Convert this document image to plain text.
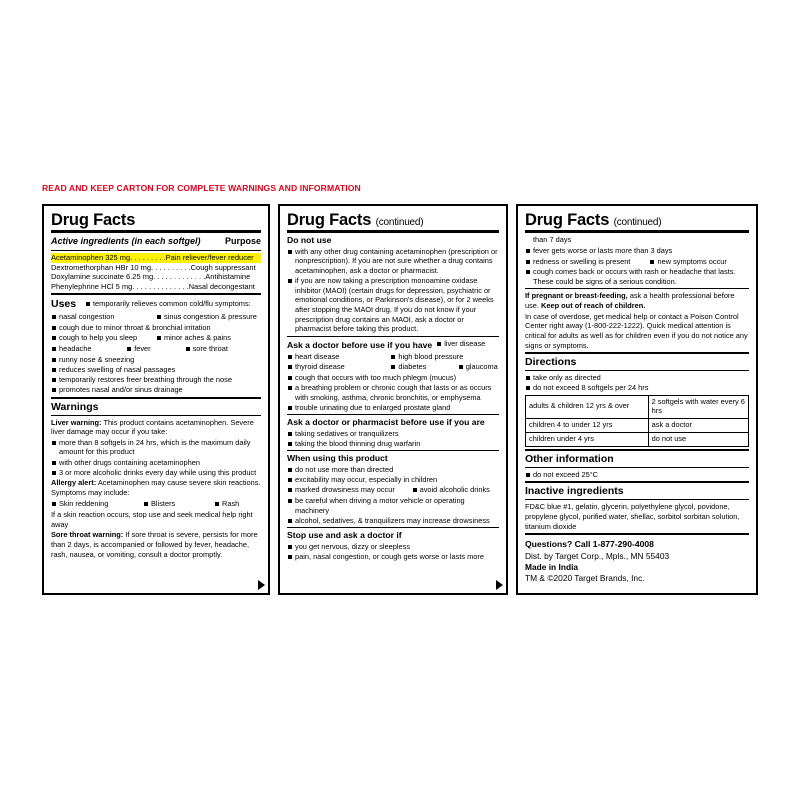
READ AND KEEP CARTON FOR COMPLETE WARNINGS AND INFORMATION
Drug Facts
Active ingredients (in each softgel)	Purpose
Acetaminophen 325 mg. . . . . . . . .Pain reliever/fever reducer
Dextromethorphan HBr 10 mg. . . . . . . . . .Cough suppressant
Doxylamine succinate 6.25 mg. . . . . . . . . . . . .Antihistamine
Phenylephrine HCl 5 mg. . . . . . . . . . . . . .Nasal decongestant
Uses	temporarily relieves common cold/flu symptoms:
nasal congestion	sinus congestion & pressure
cough due to minor throat & bronchial irritation
cough to help you sleep	minor aches & pains
headache	fever	sore throat
runny nose & sneezing
reduces swelling of nasal passages
temporarily restores freer breathing through the nose
promotes nasal and/or sinus drainage
Warnings
Liver warning: This product contains acetaminophen. Severe liver damage may occur if you take:
more than 8 softgels in 24 hrs, which is the maximum daily amount for this product
with other drugs containing acetaminophen
3 or more alcoholic drinks every day while using this product
Allergy alert: Acetaminophen may cause severe skin reactions. Symptoms may include:
Skin reddening	Blisters	Rash
If a skin reaction occurs, stop use and seek medical help right away
Sore throat warning: If sore throat is severe, persists for more than 2 days, is accompanied or followed by fever, headache, rash, nausea, or vomiting, consult a doctor promptly.
Drug Facts (continued)
Do not use
with any other drug containing acetaminophen (prescription or nonprescription). If you are not sure whether a drug contains acetaminophen, ask a doctor or pharmacist.
if you are now taking a prescription monoamine oxidase inhibitor (MAOI) (certain drugs for depression, psychiatric or emotional conditions, or Parkinson's disease), or for 2 weeks after stopping the MAOI drug. If you do not know if your prescription drug contains an MAOI, ask a doctor or pharmacist before taking this product.
Ask a doctor before use if you have	liver disease
heart disease	high blood pressure
thyroid disease	diabetes	glaucoma
cough that occurs with too much phlegm (mucus)
a breathing problem or chronic cough that lasts or as occurs with smoking, asthma, chronic bronchitis, or emphysema
trouble urinating due to enlarged prostate gland
Ask a doctor or pharmacist before use if you are
taking sedatives or tranquilizers
taking the blood thinning drug warfarin
When using this product
do not use more than directed
excitability may occur, especially in children
marked drowsiness may occur	avoid alcoholic drinks
be careful when driving a motor vehicle or operating machinery
alcohol, sedatives, & tranquilizers may increase drowsiness
Stop use and ask a doctor if
you get nervous, dizzy or sleepless
pain, nasal congestion, or cough gets worse or lasts more
Drug Facts (continued)
than 7 days
fever gets worse or lasts more than 3 days
redness or swelling is present	new symptoms occur
cough comes back or occurs with rash or headache that lasts. These could be signs of a serious condition.
If pregnant or breast-feeding, ask a health professional before use. Keep out of reach of children.
In case of overdose, get medical help or contact a Poison Control Center right away (1-800-222-1222). Quick medical attention is critical for adults as well as for children even if you do not notice any signs or symptoms.
Directions
take only as directed
do not exceed 8 softgels per 24 hrs
adults & children 12 yrs & over	2 softgels with water every 6 hrs
children 4 to under 12 yrs	ask a doctor
children under 4 yrs	do not use
Other information
do not exceed 25°C
Inactive ingredients
FD&C blue #1, gelatin, glycerin, polyethylene glycol, povidone, propylene glycol, purified water, shellac, sorbitol sorbitan solution, titanium dioxide
Questions? Call 1-877-290-4008
Dist. by Target Corp., Mpls., MN 55403
Made in India
TM & ©2020 Target Brands, Inc.
